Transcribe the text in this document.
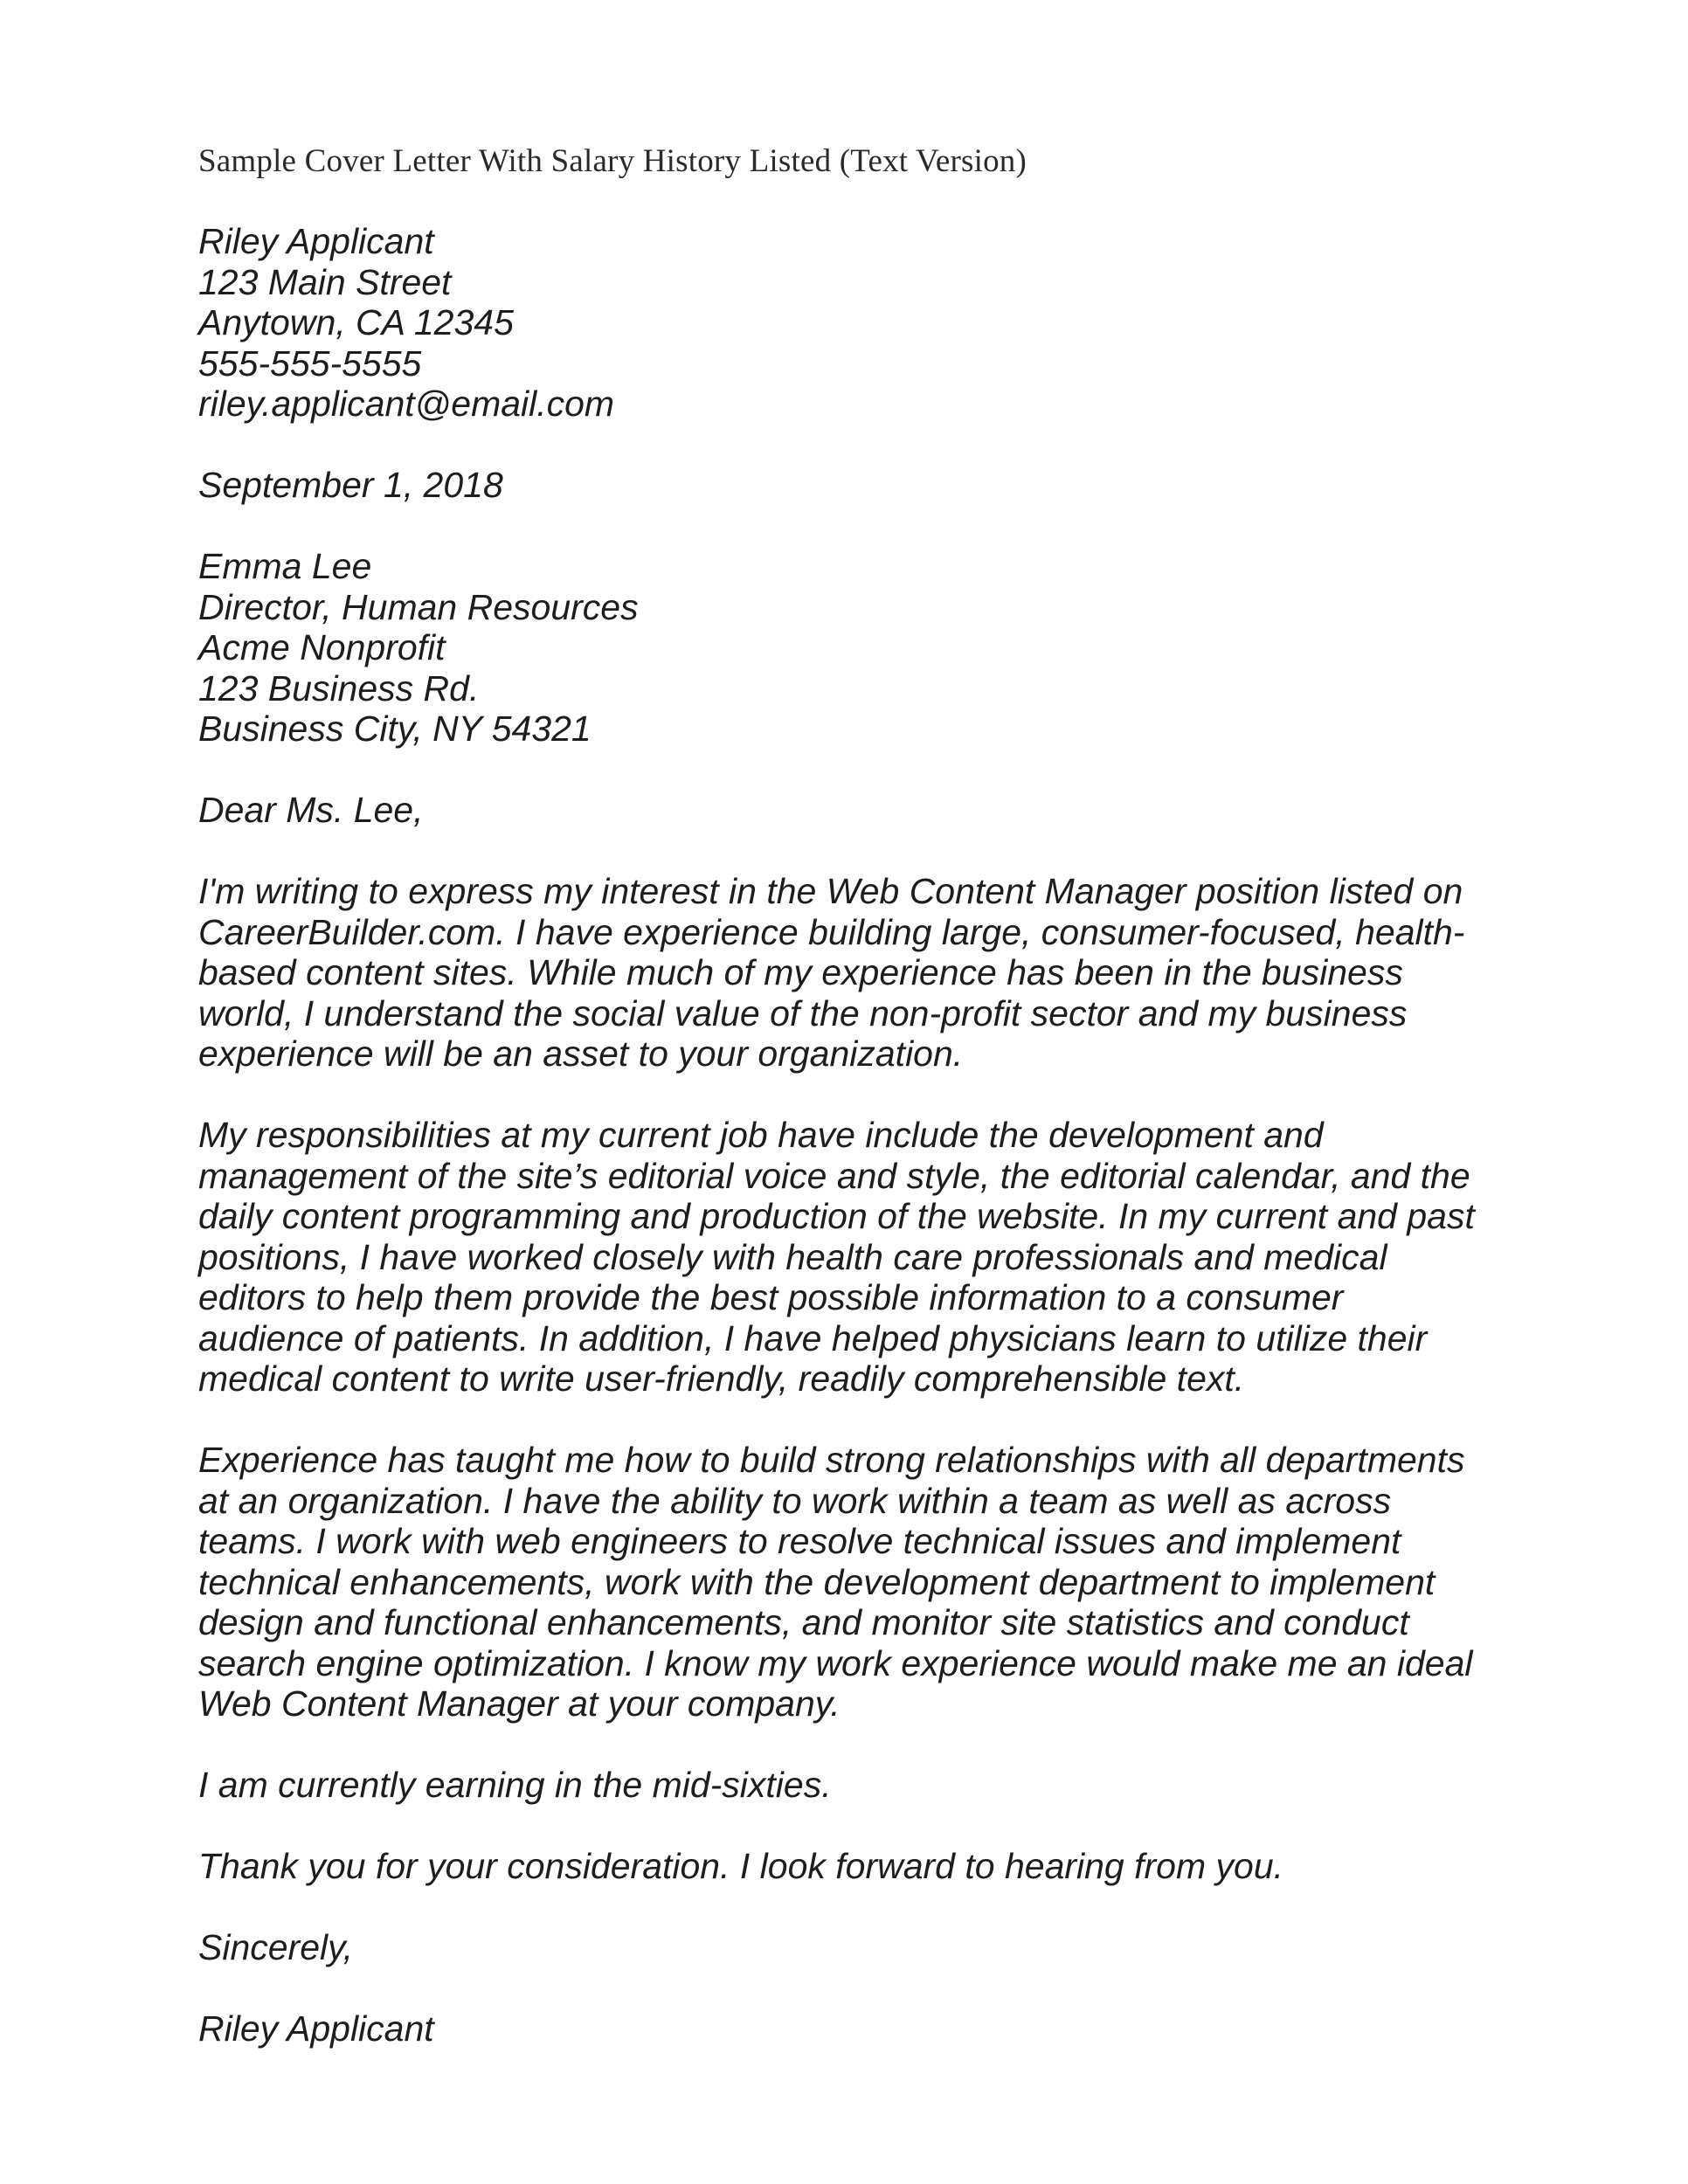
Sample Cover Letter With Salary History Listed (Text Version)
Riley Applicant
123 Main Street
Anytown, CA 12345
555-555-5555
riley.applicant@email.com
September 1, 2018
Emma Lee
Director, Human Resources
Acme Nonprofit
123 Business Rd.
Business City, NY 54321
Dear Ms. Lee,

I'm writing to express my interest in the Web Content Manager position listed on CareerBuilder.com. I have experience building large, consumer-focused, health-based content sites. While much of my experience has been in the business world, I understand the social value of the non-profit sector and my business experience will be an asset to your organization.

My responsibilities at my current job have include the development and management of the site’s editorial voice and style, the editorial calendar, and the daily content programming and production of the website. In my current and past positions, I have worked closely with health care professionals and medical editors to help them provide the best possible information to a consumer audience of patients. In addition, I have helped physicians learn to utilize their medical content to write user-friendly, readily comprehensible text.

Experience has taught me how to build strong relationships with all departments at an organization. I have the ability to work within a team as well as across teams. I work with web engineers to resolve technical issues and implement technical enhancements, work with the development department to implement design and functional enhancements, and monitor site statistics and conduct search engine optimization. I know my work experience would make me an ideal Web Content Manager at your company.

I am currently earning in the mid-sixties.

Thank you for your consideration. I look forward to hearing from you.

Sincerely,
Riley Applicant
